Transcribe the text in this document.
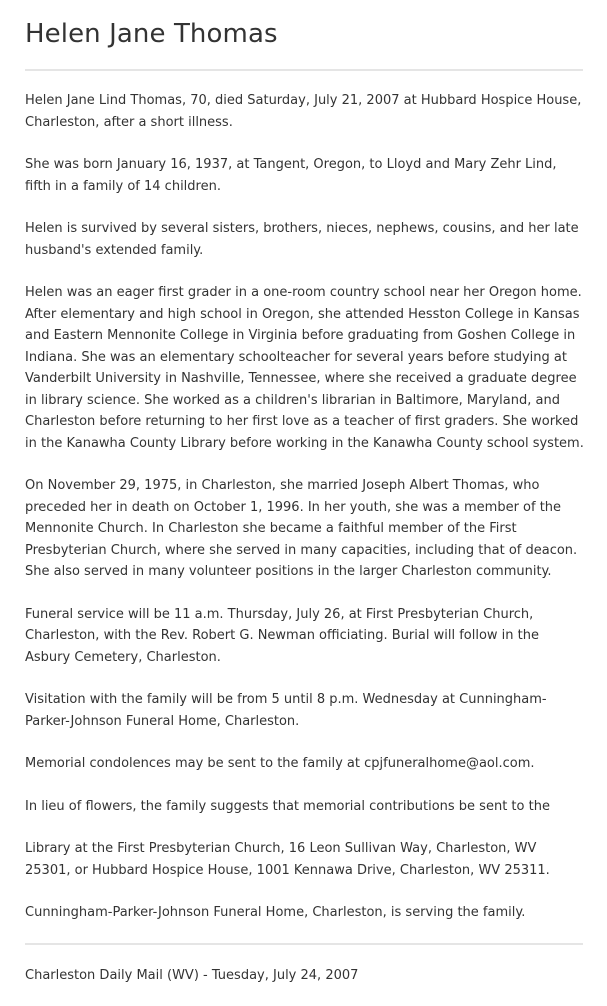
Helen Jane Thomas

Helen Jane Lind Thomas, 70, died Saturday, July 21, 2007 at Hubbard Hospice House, Charleston, after a short illness.

She was born January 16, 1937, at Tangent, Oregon, to Lloyd and Mary Zehr Lind, fifth in a family of 14 children.

Helen is survived by several sisters, brothers, nieces, nephews, cousins, and her late husband's extended family.

Helen was an eager first grader in a one-room country school near her Oregon home. After elementary and high school in Oregon, she attended Hesston College in Kansas and Eastern Mennonite College in Virginia before graduating from Goshen College in Indiana. She was an elementary schoolteacher for several years before studying at Vanderbilt University in Nashville, Tennessee, where she received a graduate degree in library science. She worked as a children's librarian in Baltimore, Maryland, and Charleston before returning to her first love as a teacher of first graders. She worked in the Kanawha County Library before working in the Kanawha County school system.

On November 29, 1975, in Charleston, she married Joseph Albert Thomas, who preceded her in death on October 1, 1996. In her youth, she was a member of the Mennonite Church. In Charleston she became a faithful member of the First Presbyterian Church, where she served in many capacities, including that of deacon. She also served in many volunteer positions in the larger Charleston community.

Funeral service will be 11 a.m. Thursday, July 26, at First Presbyterian Church, Charleston, with the Rev. Robert G. Newman officiating. Burial will follow in the Asbury Cemetery, Charleston.

Visitation with the family will be from 5 until 8 p.m. Wednesday at Cunningham-Parker-Johnson Funeral Home, Charleston.

Memorial condolences may be sent to the family at cpjfuneralhome@aol.com.

In lieu of flowers, the family suggests that memorial contributions be sent to the

Library at the First Presbyterian Church, 16 Leon Sullivan Way, Charleston, WV 25301, or Hubbard Hospice House, 1001 Kennawa Drive, Charleston, WV 25311.

Cunningham-Parker-Johnson Funeral Home, Charleston, is serving the family.

Charleston Daily Mail (WV) - Tuesday, July 24, 2007
